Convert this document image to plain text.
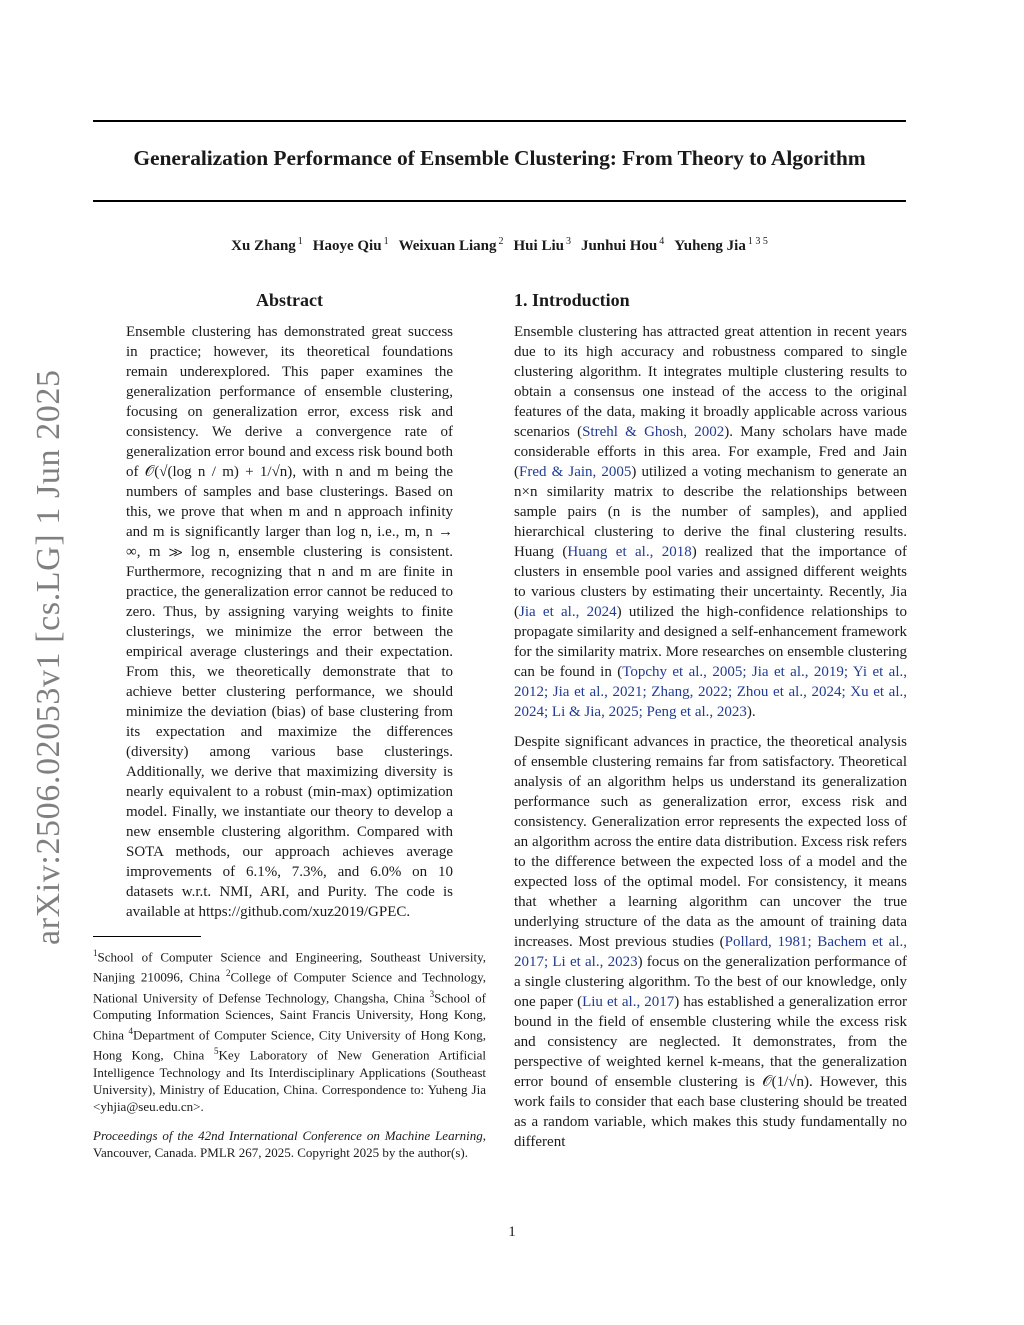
Generalization Performance of Ensemble Clustering: From Theory to Algorithm
Xu Zhang $^1$ Haoye Qiu $^1$ Weixuan Liang $^2$ Hui Liu $^3$ Junhui Hou $^4$ Yuheng Jia $^{1 3 5}$
arXiv:2506.02053v1 [cs.LG] 1 Jun 2025
Abstract

Ensemble clustering has demonstrated great success in practice; however, its theoretical foundations remain underexplored. This paper examines the generalization performance of ensemble clustering, focusing on generalization error, excess risk and consistency. We derive a convergence rate of generalization error bound and excess risk bound both of 𝒪(√(log n / m) + 1/√n), with n and m being the numbers of samples and base clusterings. Based on this, we prove that when m and n approach infinity and m is significantly larger than log n, i.e., m, n → ∞, m ≫ log n, ensemble clustering is consistent. Furthermore, recognizing that n and m are finite in practice, the generalization error cannot be reduced to zero. Thus, by assigning varying weights to finite clusterings, we minimize the error between the empirical average clusterings and their expectation. From this, we theoretically demonstrate that to achieve better clustering performance, we should minimize the deviation (bias) of base clustering from its expectation and maximize the differences (diversity) among various base clusterings. Additionally, we derive that maximizing diversity is nearly equivalent to a robust (min-max) optimization model. Finally, we instantiate our theory to develop a new ensemble clustering algorithm. Compared with SOTA methods, our approach achieves average improvements of 6.1%, 7.3%, and 6.0% on 10 datasets w.r.t. NMI, ARI, and Purity. The code is available at https://github.com/xuz2019/GPEC.

$^1$School of Computer Science and Engineering, Southeast University, Nanjing 210096, China $^2$College of Computer Science and Technology, National University of Defense Technology, Changsha, China $^3$School of Computing Information Sciences, Saint Francis University, Hong Kong, China $^4$Department of Computer Science, City University of Hong Kong, Hong Kong, China $^5$Key Laboratory of New Generation Artificial Intelligence Technology and Its Interdisciplinary Applications (Southeast University), Ministry of Education, China. Correspondence to: Yuheng Jia <yhjia@seu.edu.cn>.

Proceedings of the 42nd International Conference on Machine Learning, Vancouver, Canada. PMLR 267, 2025. Copyright 2025 by the author(s).

1. Introduction

Ensemble clustering has attracted great attention in recent years due to its high accuracy and robustness compared to single clustering algorithm. It integrates multiple clustering results to obtain a consensus one instead of the access to the original features of the data, making it broadly applicable across various scenarios (Strehl & Ghosh, 2002). Many scholars have made considerable efforts in this area. For example, Fred and Jain (Fred & Jain, 2005) utilized a voting mechanism to generate an n×n similarity matrix to describe the relationships between sample pairs (n is the number of samples), and applied hierarchical clustering to derive the final clustering results. Huang (Huang et al., 2018) realized that the importance of clusters in ensemble pool varies and assigned different weights to various clusters by estimating their uncertainty. Recently, Jia (Jia et al., 2024) utilized the high-confidence relationships to propagate similarity and designed a self-enhancement framework for the similarity matrix. More researches on ensemble clustering can be found in (Topchy et al., 2005; Jia et al., 2019; Yi et al., 2012; Jia et al., 2021; Zhang, 2022; Zhou et al., 2024; Xu et al., 2024; Li & Jia, 2025; Peng et al., 2023).

Despite significant advances in practice, the theoretical analysis of ensemble clustering remains far from satisfactory. Theoretical analysis of an algorithm helps us understand its generalization performance such as generalization error, excess risk and consistency. Generalization error represents the expected loss of an algorithm across the entire data distribution. Excess risk refers to the difference between the expected loss of a model and the expected loss of the optimal model. For consistency, it means that whether a learning algorithm can uncover the true underlying structure of the data as the amount of training data increases. Most previous studies (Pollard, 1981; Bachem et al., 2017; Li et al., 2023) focus on the generalization performance of a single clustering algorithm. To the best of our knowledge, only one paper (Liu et al., 2017) has established a generalization error bound in the field of ensemble clustering while the excess risk and consistency are neglected. It demonstrates, from the perspective of weighted kernel k-means, that the generalization error bound of ensemble clustering is 𝒪(1/√n). However, this work fails to consider that each base clustering should be treated as a random variable, which makes this study fundamentally no different

1
